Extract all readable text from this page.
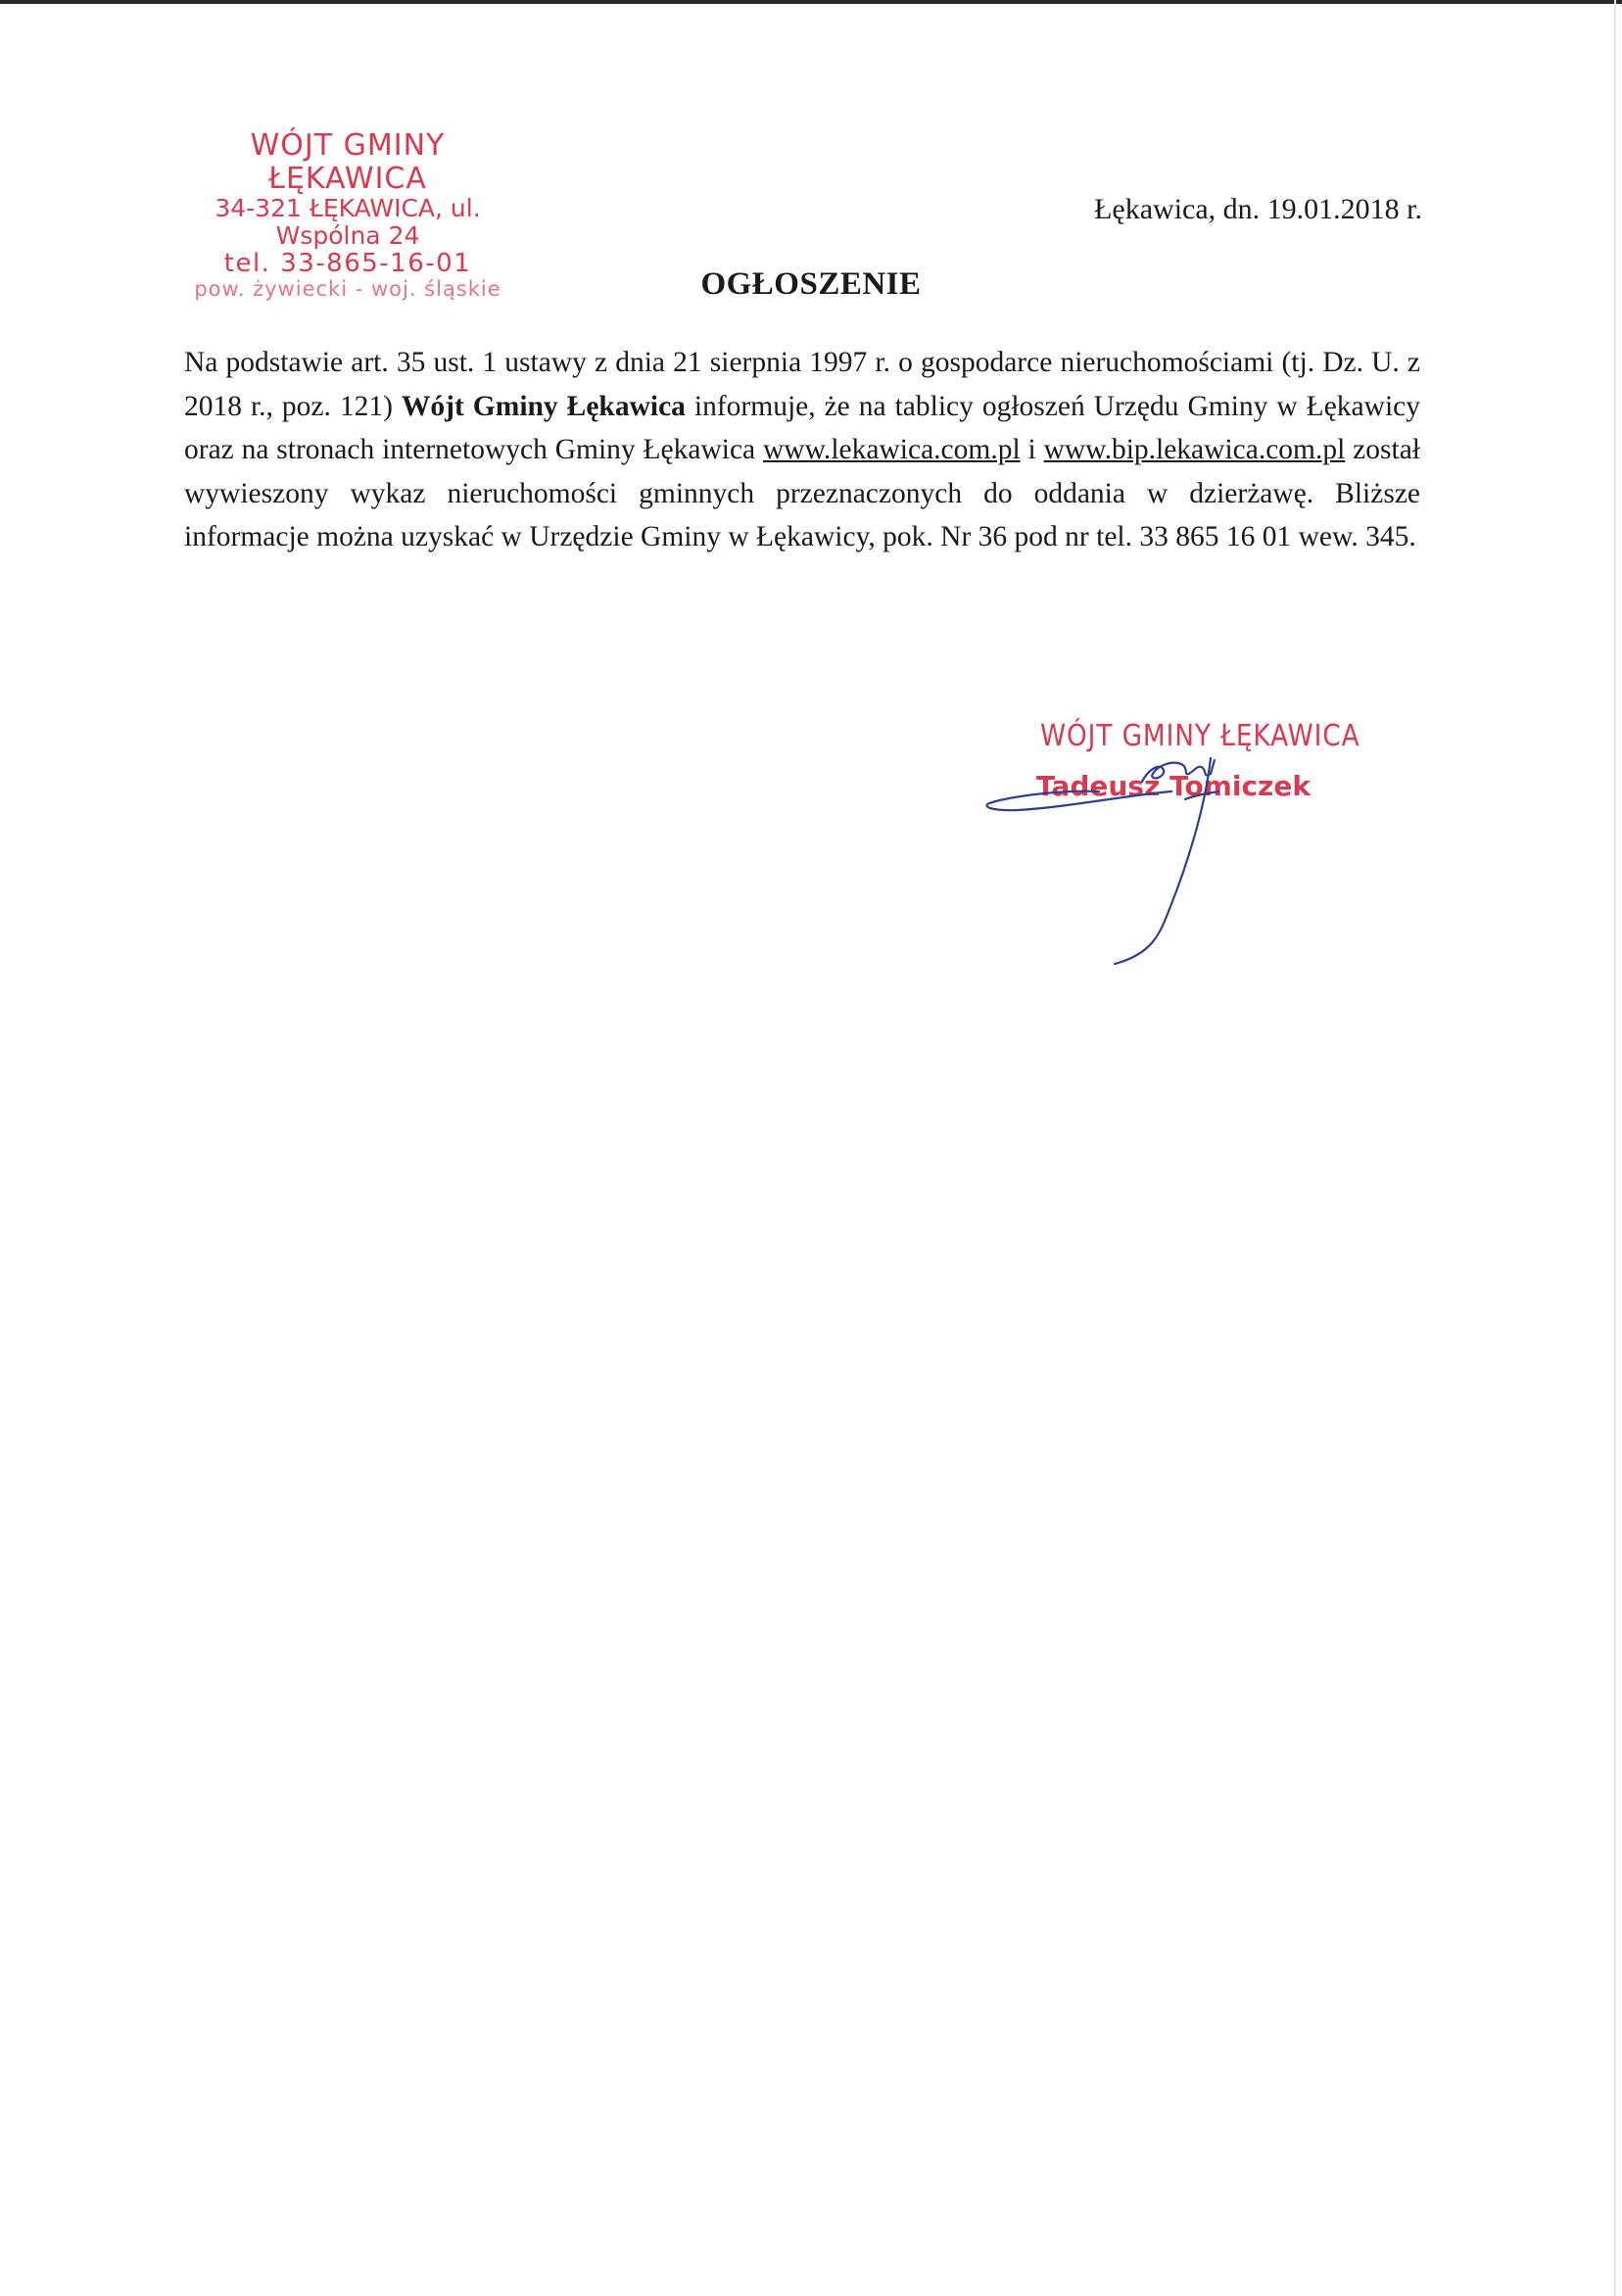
WÓJT GMINY ŁĘKAWICA
34-321 ŁĘKAWICA, ul. Wspólna 24
tel. 33-865-16-01
pow. żywiecki - woj. śląskie
Łękawica, dn. 19.01.2018 r.
OGŁOSZENIE
Na podstawie art. 35 ust. 1 ustawy z dnia 21 sierpnia 1997 r. o gospodarce nieruchomościami (tj. Dz. U. z 2018 r., poz. 121) Wójt Gminy Łękawica informuje, że na tablicy ogłoszeń Urzędu Gminy w Łękawicy oraz na stronach internetowych Gminy Łękawica www.lekawica.com.pl i www.bip.lekawica.com.pl został wywieszony wykaz nieruchomości gminnych przeznaczonych do oddania w dzierżawę. Bliższe informacje można uzyskać w Urzędzie Gminy w Łękawicy, pok. Nr 36 pod nr tel. 33 865 16 01 wew. 345.
WÓJT GMINY ŁĘKAWICA
Tadeusz Tomiczek
